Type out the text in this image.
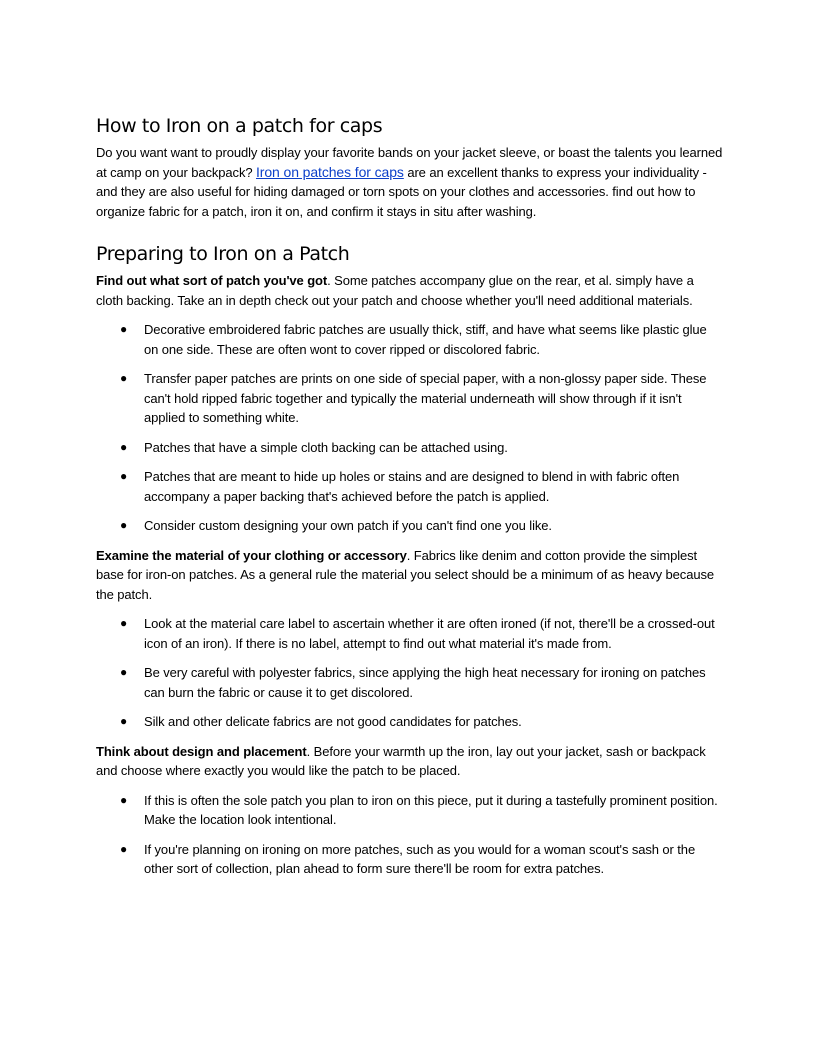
How to Iron on a patch for caps

Do you want want to proudly display your favorite bands on your jacket sleeve, or boast the talents you learned at camp on your backpack? Iron on patches for caps are an excellent thanks to express your individuality - and they are also useful for hiding damaged or torn spots on your clothes and accessories. find out how to organize fabric for a patch, iron it on, and confirm it stays in situ after washing.

Preparing to Iron on a Patch

Find out what sort of patch you've got. Some patches accompany glue on the rear, et al. simply have a cloth backing. Take an in depth check out your patch and choose whether you'll need additional materials.

● Decorative embroidered fabric patches are usually thick, stiff, and have what seems like plastic glue on one side. These are often wont to cover ripped or discolored fabric.
● Transfer paper patches are prints on one side of special paper, with a non-glossy paper side. These can't hold ripped fabric together and typically the material underneath will show through if it isn't applied to something white.
● Patches that have a simple cloth backing can be attached using.
● Patches that are meant to hide up holes or stains and are designed to blend in with fabric often accompany a paper backing that's achieved before the patch is applied.
● Consider custom designing your own patch if you can't find one you like.

Examine the material of your clothing or accessory. Fabrics like denim and cotton provide the simplest base for iron-on patches. As a general rule the material you select should be a minimum of as heavy because the patch.

● Look at the material care label to ascertain whether it are often ironed (if not, there'll be a crossed-out icon of an iron). If there is no label, attempt to find out what material it's made from.
● Be very careful with polyester fabrics, since applying the high heat necessary for ironing on patches can burn the fabric or cause it to get discolored.
● Silk and other delicate fabrics are not good candidates for patches.

Think about design and placement. Before your warmth up the iron, lay out your jacket, sash or backpack and choose where exactly you would like the patch to be placed.

● If this is often the sole patch you plan to iron on this piece, put it during a tastefully prominent position. Make the location look intentional.
● If you're planning on ironing on more patches, such as you would for a woman scout's sash or the other sort of collection, plan ahead to form sure there'll be room for extra patches.
